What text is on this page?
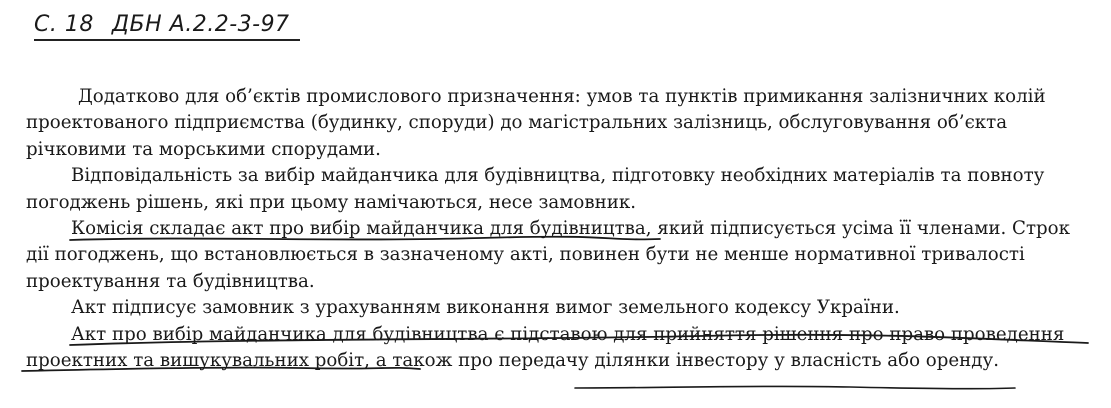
С. 18 ДБН А.2.2-3-97
Додатково для об’єктів промислового призначення: умов та пунктів примикання залізничних колій
проектованого підприємства (будинку, споруди) до магістральних залізниць, обслуговування об’єкта
річковими та морськими спорудами.
Відповідальність за вибір майданчика для будівництва, підготовку необхідних матеріалів та повноту
погоджень рішень, які при цьому намічаються, несе замовник.
Комісія складає акт про вибір майданчика для будівництва, який підписується усіма її членами. Строк
дії погоджень, що встановлюється в зазначеному акті, повинен бути не менше нормативної тривалості
проектування та будівництва.
Акт підписує замовник з урахуванням виконання вимог земельного кодексу України.
Акт про вибір майданчика для будівництва є підставою для прийняття рішення про право проведення
проектних та вишукувальних робіт, а також про передачу ділянки інвестору у власність або оренду.
